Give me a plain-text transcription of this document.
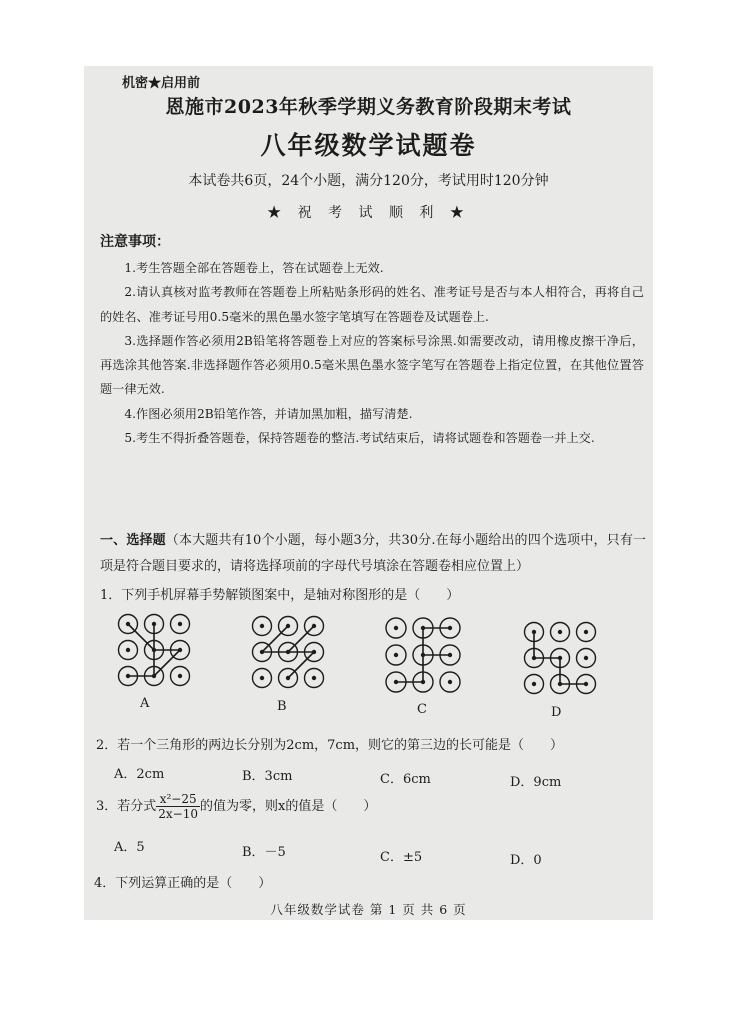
机密★启用前
恩施市2023年秋季学期义务教育阶段期末考试
八年级数学试题卷
本试卷共6页，24个小题，满分120分，考试用时120分钟
★ 祝 考 试 顺 利 ★
注意事项：

1.考生答题全部在答题卷上，答在试题卷上无效.

2.请认真核对监考教师在答题卷上所粘贴条形码的姓名、准考证号是否与本人相符合，再将自己的姓名、准考证号用0.5毫米的黑色墨水签字笔填写在答题卷及试题卷上.

3.选择题作答必须用2B铅笔将答题卷上对应的答案标号涂黑.如需要改动，请用橡皮擦干净后，再选涂其他答案.非选择题作答必须用0.5毫米黑色墨水签字笔写在答题卷上指定位置，在其他位置答题一律无效.

4.作图必须用2B铅笔作答，并请加黑加粗，描写清楚.

5.考生不得折叠答题卷，保持答题卷的整洁.考试结束后，请将试题卷和答题卷一并上交.

一、选择题（本大题共有10个小题，每小题3分，共30分.在每小题给出的四个选项中，只有一项是符合题目要求的，请将选择项前的字母代号填涂在答题卷相应位置上）
1．下列手机屏幕手势解锁图案中，是轴对称图形的是（　　）
A	B	C	D
2．若一个三角形的两边长分别为2cm，7cm，则它的第三边的长可能是（　　）
A．2cm	B．3cm	C．6cm	D．9cm
3．若分式 $\frac{\text{x²−25}}{2x-10}$ 的值为零，则x的值是（　　）
A．5	B．－5	C．±5	D．0
4．下列运算正确的是（　　）
八年级数学试卷 第 1 页 共 6 页
